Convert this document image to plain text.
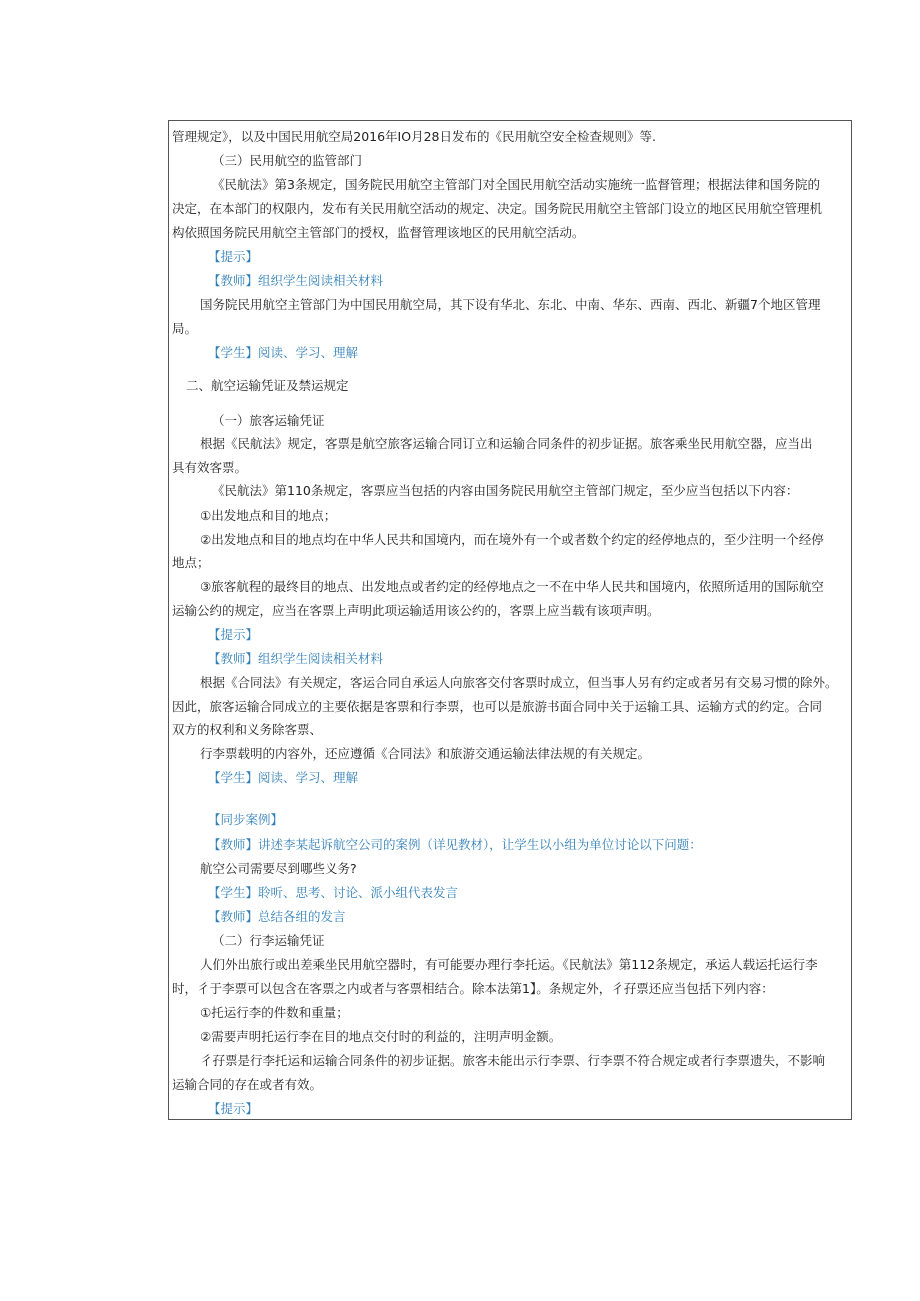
管理规定》，以及中国民用航空局2016年IO月28日发布的《民用航空安全检查规则》等.
（三）民用航空的监管部门
《民航法》第3条规定，国务院民用航空主管部门对全国民用航空活动实施统一监督管理；根据法律和国务院的
决定，在本部门的权限内，发布有关民用航空活动的规定、决定。国务院民用航空主管部门设立的地区民用航空管理机
构依照国务院民用航空主管部门的授权，监督管理该地区的民用航空活动。
【提示】
【教师】组织学生阅读相关材料
国务院民用航空主管部门为中国民用航空局，其下设有华北、东北、中南、华东、西南、西北、新疆7个地区管理
局。
【学生】阅读、学习、理解
二、航空运输凭证及禁运规定
（一）旅客运输凭证
根据《民航法》规定，客票是航空旅客运输合同订立和运输合同条件的初步证据。旅客乘坐民用航空器，应当出
具有效客票。
《民航法》第110条规定，客票应当包括的内容由国务院民用航空主管部门规定，至少应当包括以下内容：
①出发地点和目的地点；
②出发地点和目的地点均在中华人民共和国境内，而在境外有一个或者数个约定的经停地点的，至少注明一个经停
地点；
③旅客航程的最终目的地点、出发地点或者约定的经停地点之一不在中华人民共和国境内，依照所适用的国际航空
运输公约的规定，应当在客票上声明此项运输适用该公约的，客票上应当载有该项声明。
【提示】
【教师】组织学生阅读相关材料
根据《合同法》有关规定，客运合同自承运人向旅客交付客票时成立，但当事人另有约定或者另有交易习惯的除外。
因此，旅客运输合同成立的主要依据是客票和行李票，也可以是旅游书面合同中关于运输工具、运输方式的约定。合同
双方的权利和义务除客票、
行李票载明的内容外，还应遵循《合同法》和旅游交通运输法律法规的有关规定。
【学生】阅读、学习、理解
【同步案例】
【教师】讲述李某起诉航空公司的案例（详见教材），让学生以小组为单位讨论以下问题：
航空公司需要尽到哪些义务?
【学生】聆听、思考、讨论、派小组代表发言
【教师】总结各组的发言
（二）行李运输凭证
人们外出旅行或出差乘坐民用航空器时，有可能要办理行李托运。《民航法》第112条规定，承运人载运托运行李
时，彳于李票可以包含在客票之内或者与客票相结合。除本法第1】。条规定外，彳孖票还应当包括下列内容：
①托运行李的件数和重量；
②需要声明托运行李在目的地点交付时的利益的，注明声明金额。
彳孖票是行李托运和运输合同条件的初步证据。旅客未能出示行李票、行李票不符合规定或者行李票遗失，不影响
运输合同的存在或者有效。
【提示】
